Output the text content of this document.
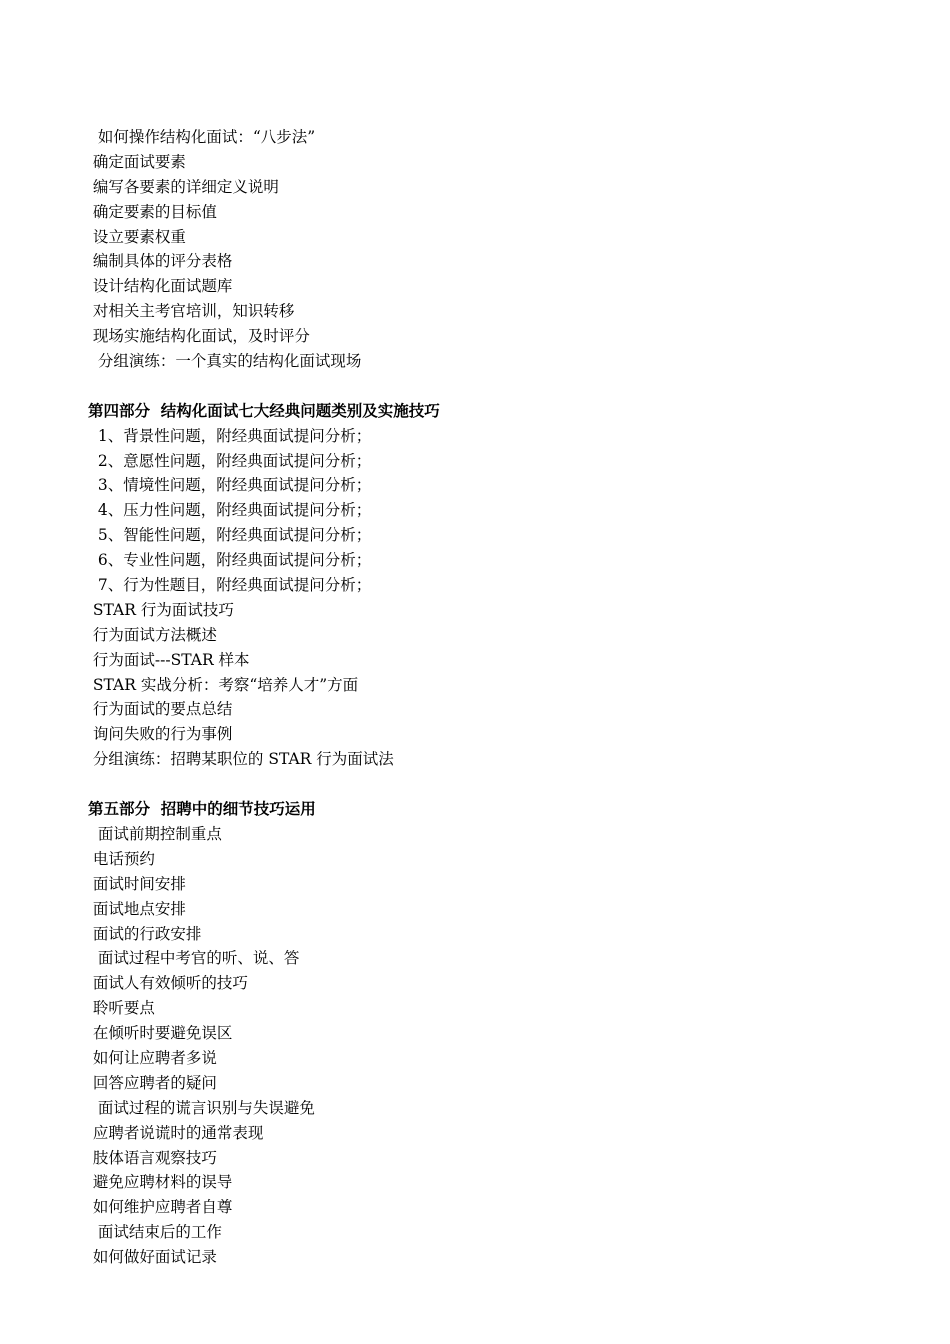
如何操作结构化面试：“八步法”
确定面试要素
编写各要素的详细定义说明
确定要素的目标值
设立要素权重
编制具体的评分表格
设计结构化面试题库
对相关主考官培训，知识转移
现场实施结构化面试，及时评分
分组演练：一个真实的结构化面试现场
第四部分  结构化面试七大经典问题类别及实施技巧
1、背景性问题，附经典面试提问分析；
2、意愿性问题，附经典面试提问分析；
3、情境性问题，附经典面试提问分析；
4、压力性问题，附经典面试提问分析；
5、智能性问题，附经典面试提问分析；
6、专业性问题，附经典面试提问分析；
7、行为性题目，附经典面试提问分析；
STAR 行为面试技巧
行为面试方法概述
行为面试---STAR 样本
STAR 实战分析：考察“培养人才”方面
行为面试的要点总结
询问失败的行为事例
分组演练：招聘某职位的 STAR 行为面试法
第五部分  招聘中的细节技巧运用
面试前期控制重点
电话预约
面试时间安排
面试地点安排
面试的行政安排
面试过程中考官的听、说、答
面试人有效倾听的技巧
聆听要点
在倾听时要避免误区
如何让应聘者多说
回答应聘者的疑问
面试过程的谎言识别与失误避免
应聘者说谎时的通常表现
肢体语言观察技巧
避免应聘材料的误导
如何维护应聘者自尊
面试结束后的工作
如何做好面试记录
